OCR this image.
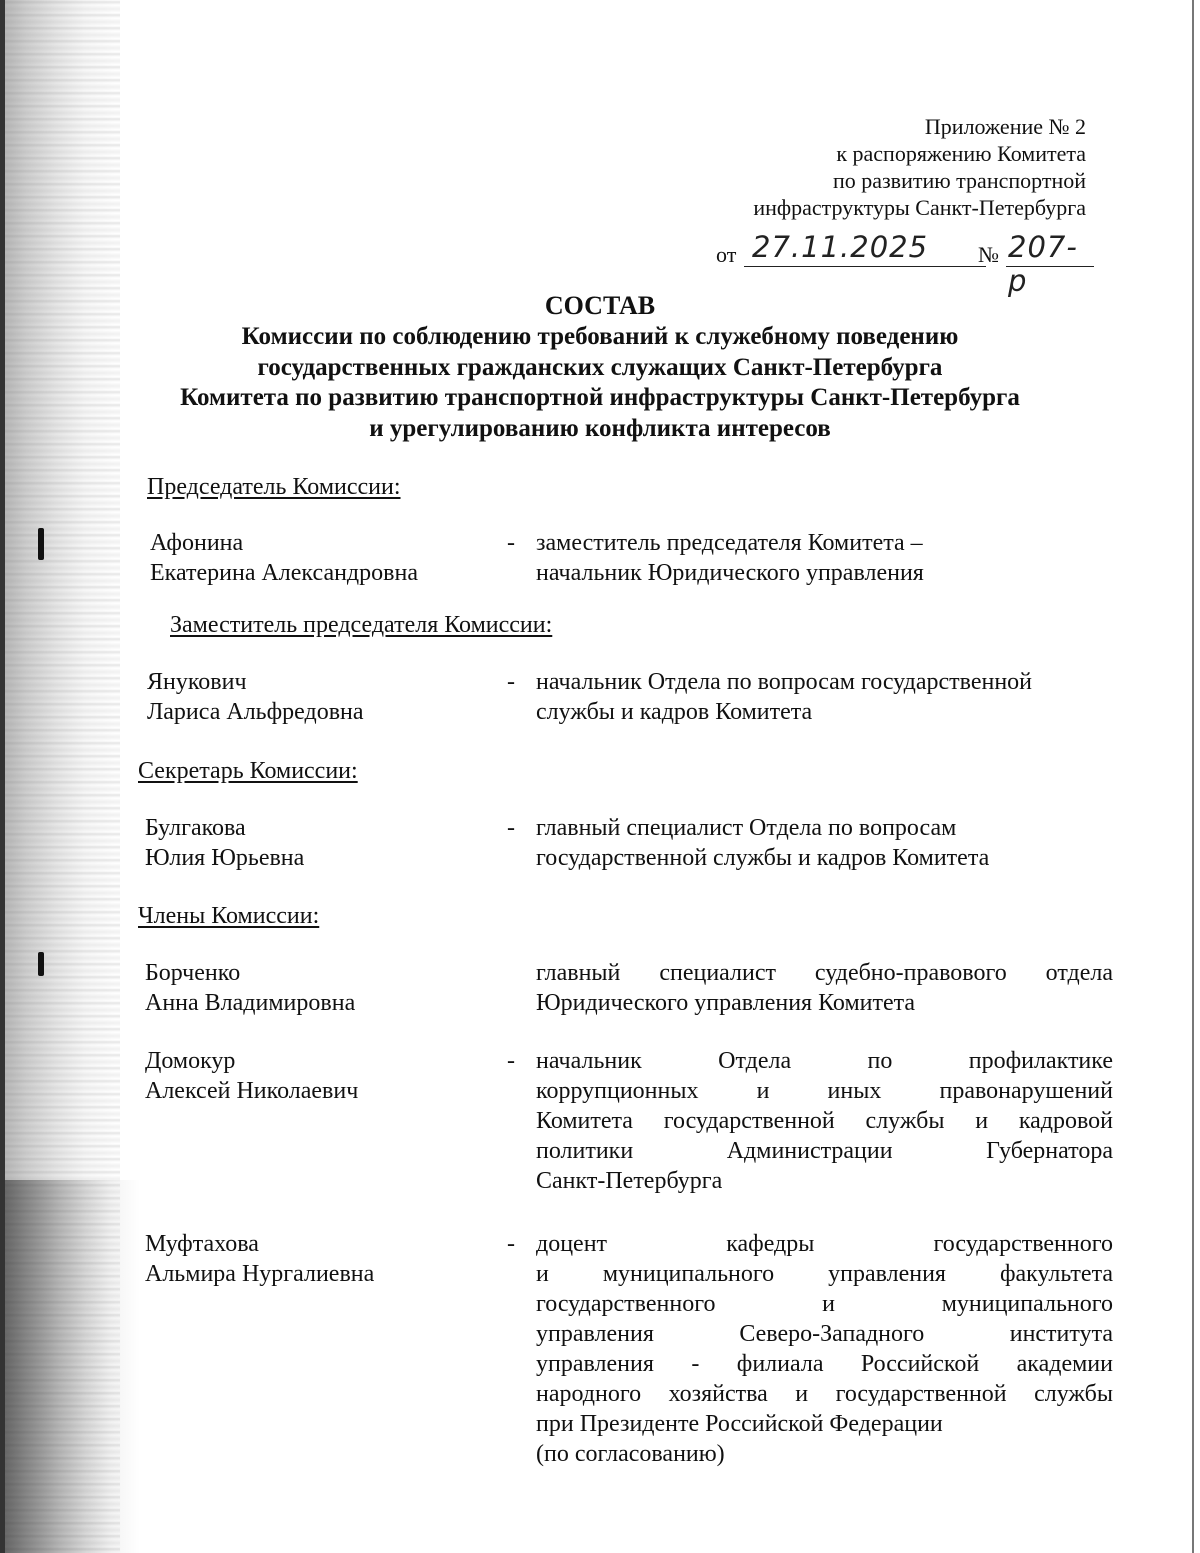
Приложение № 2
к распоряжению Комитета
по развитию транспортной
инфраструктуры Санкт-Петербурга
от 27.11.2025 № 207-р
СОСТАВ
Комиссии по соблюдению требований к служебному поведению
государственных гражданских служащих Санкт-Петербурга
Комитета по развитию транспортной инфраструктуры Санкт-Петербурга
и урегулированию конфликта интересов
Председатель Комиссии:
Афонина
Екатерина Александровна
- заместитель председателя Комитета –
начальник Юридического управления
Заместитель председателя Комиссии:
Янукович
Лариса Альфредовна
- начальник Отдела по вопросам государственной
службы и кадров Комитета
Секретарь Комиссии:
Булгакова
Юлия Юрьевна
- главный специалист Отдела по вопросам
государственной службы и кадров Комитета
Члены Комиссии:
Борченко
Анна Владимировна
главный специалист судебно-правового отдела
Юридического управления Комитета
Домокур
Алексей Николаевич
- начальник Отдела по профилактике
коррупционных и иных правонарушений
Комитета государственной службы и кадровой
политики Администрации Губернатора
Санкт-Петербурга
Муфтахова
Альмира Нургалиевна
- доцент кафедры государственного
и муниципального управления факультета
государственного и муниципального
управления Северо-Западного института
управления - филиала Российской академии
народного хозяйства и государственной службы
при Президенте Российской Федерации
(по согласованию)
